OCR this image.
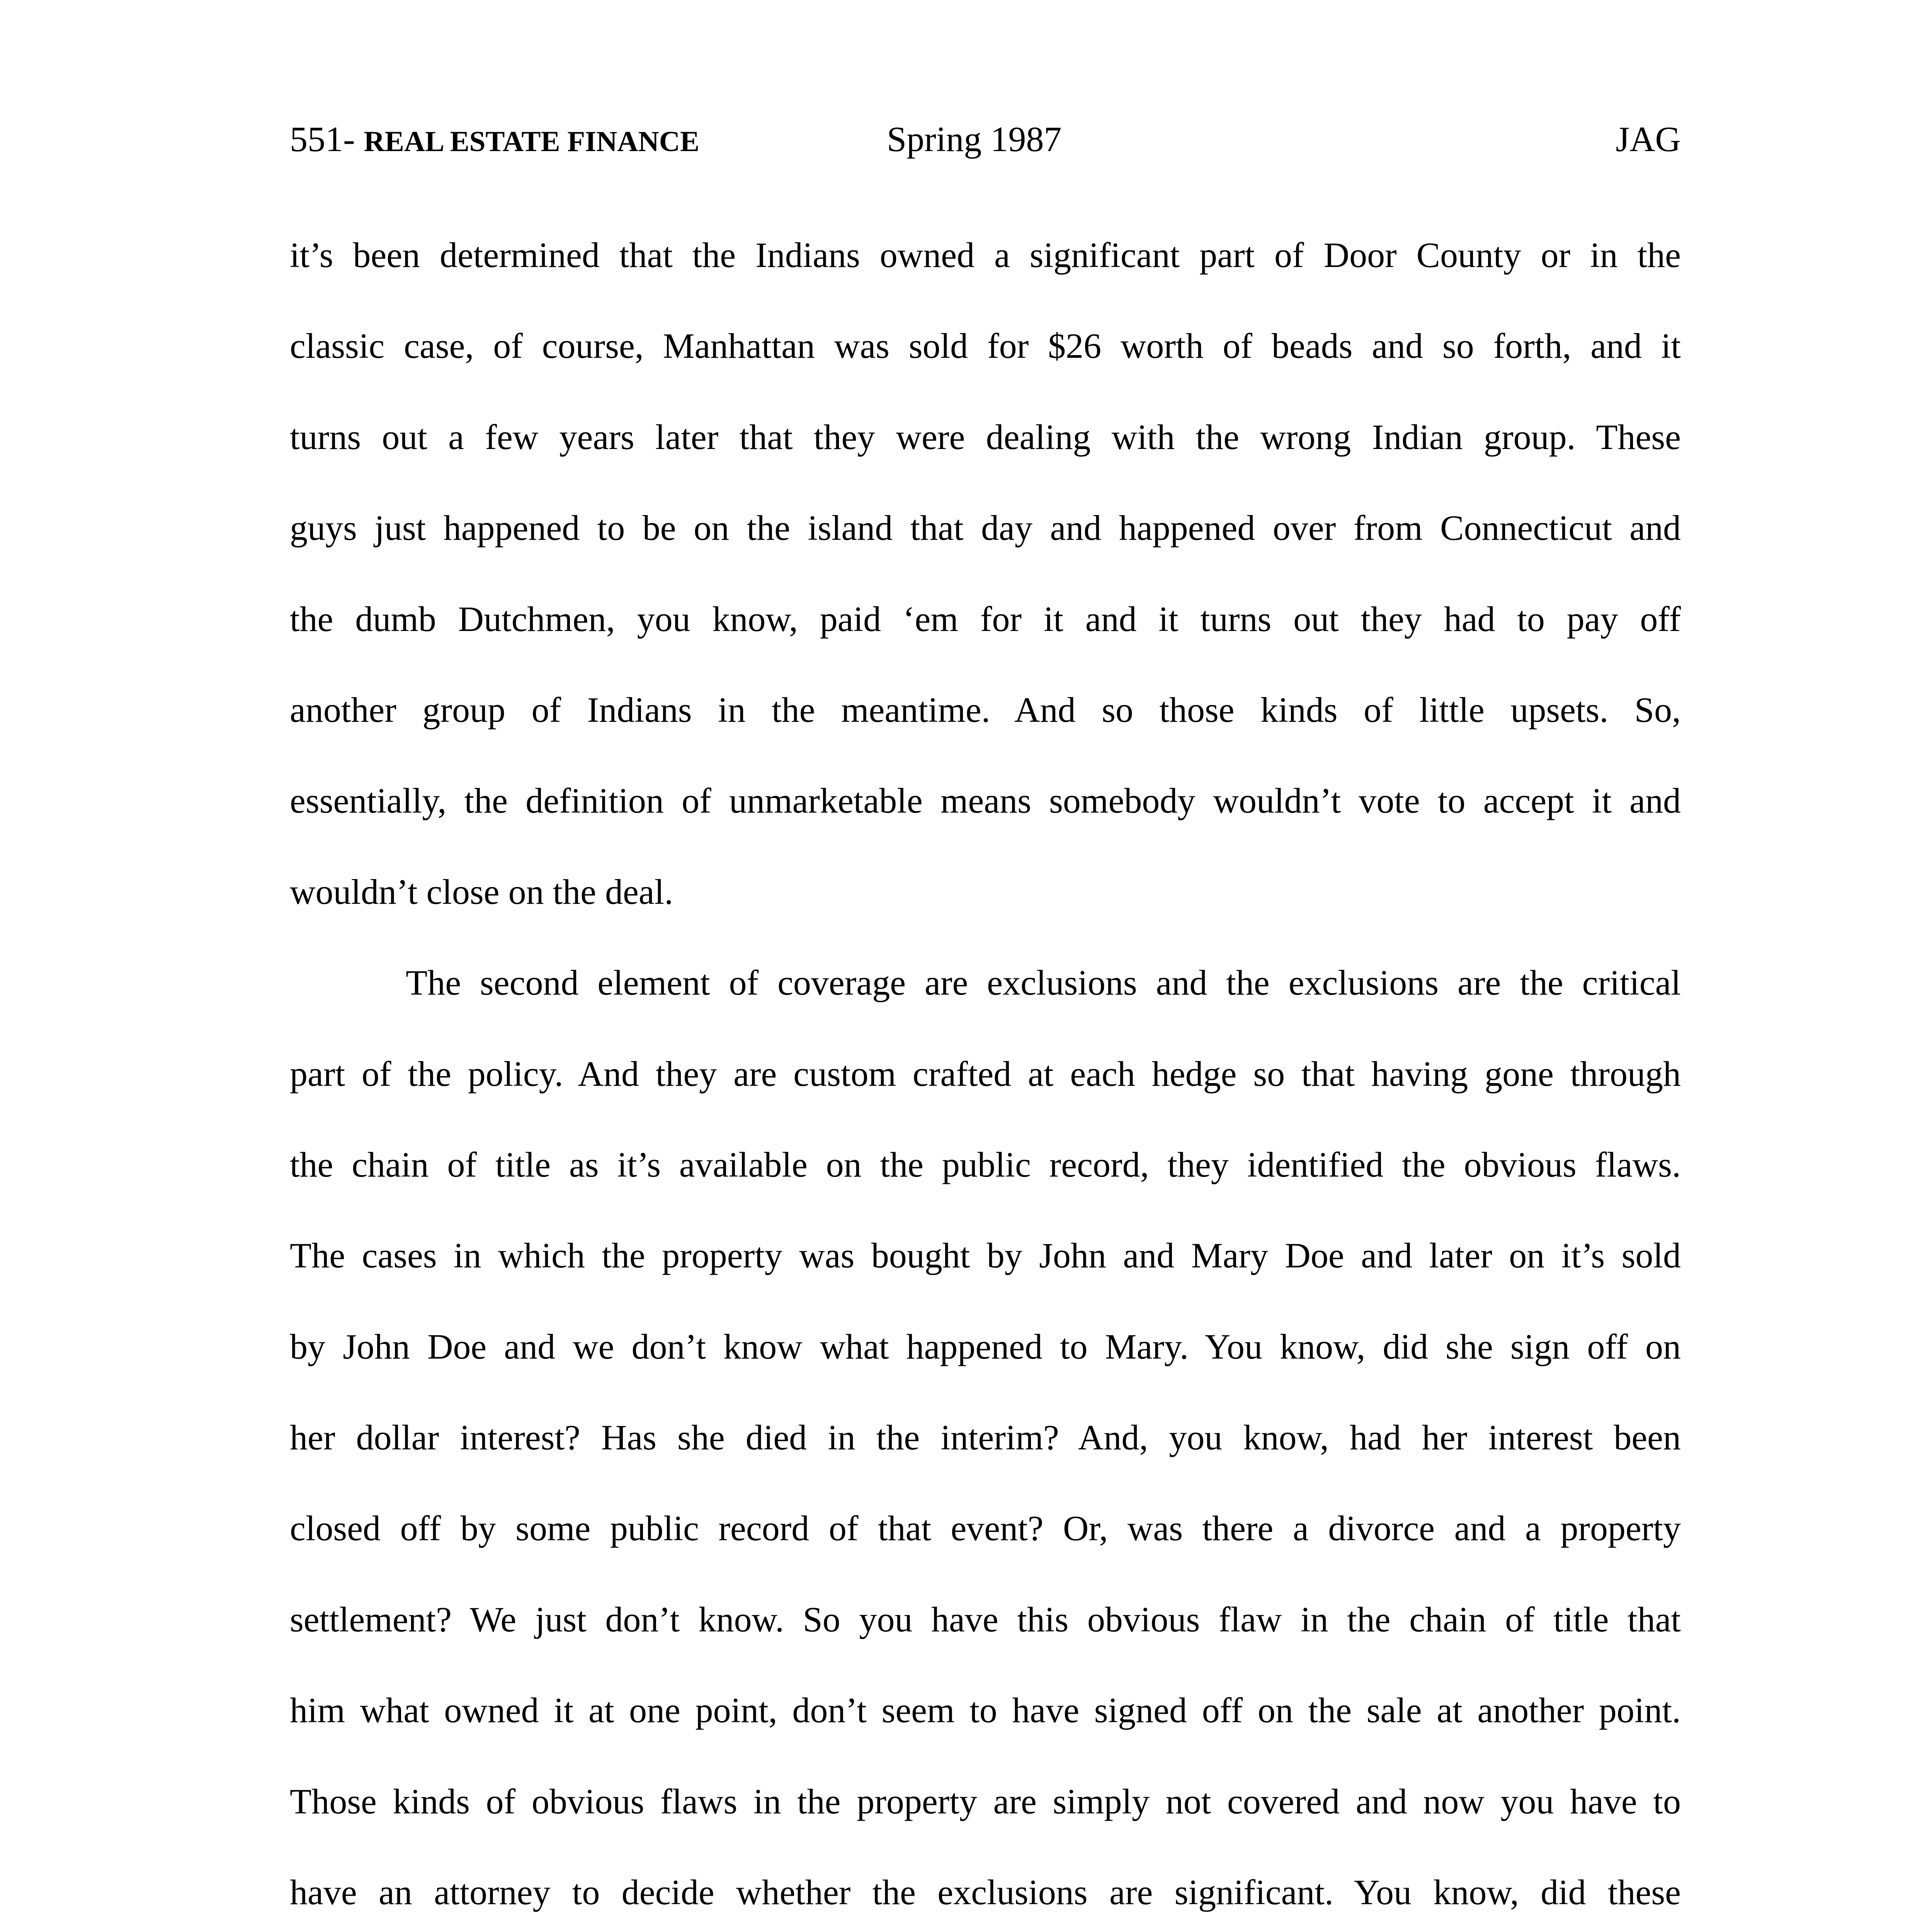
551- REAL ESTATE FINANCE	Spring 1987	JAG
it’s been determined that the Indians owned a significant part of Door County or in the
classic case, of course, Manhattan was sold for $26 worth of beads and so forth, and it
turns out a few years later that they were dealing with the wrong Indian group. These
guys just happened to be on the island that day and happened over from Connecticut and
the dumb Dutchmen, you know, paid ‘em for it and it turns out they had to pay off
another group of Indians in the meantime. And so those kinds of little upsets. So,
essentially, the definition of unmarketable means somebody wouldn’t vote to accept it and
wouldn’t close on the deal.
The second element of coverage are exclusions and the exclusions are the critical
part of the policy. And they are custom crafted at each hedge so that having gone through
the chain of title as it’s available on the public record, they identified the obvious flaws.
The cases in which the property was bought by John and Mary Doe and later on it’s sold
by John Doe and we don’t know what happened to Mary. You know, did she sign off on
her dollar interest? Has she died in the interim? And, you know, had her interest been
closed off by some public record of that event? Or, was there a divorce and a property
settlement? We just don’t know. So you have this obvious flaw in the chain of title that
him what owned it at one point, don’t seem to have signed off on the sale at another point.
Those kinds of obvious flaws in the property are simply not covered and now you have to
have an attorney to decide whether the exclusions are significant. You know, did these
